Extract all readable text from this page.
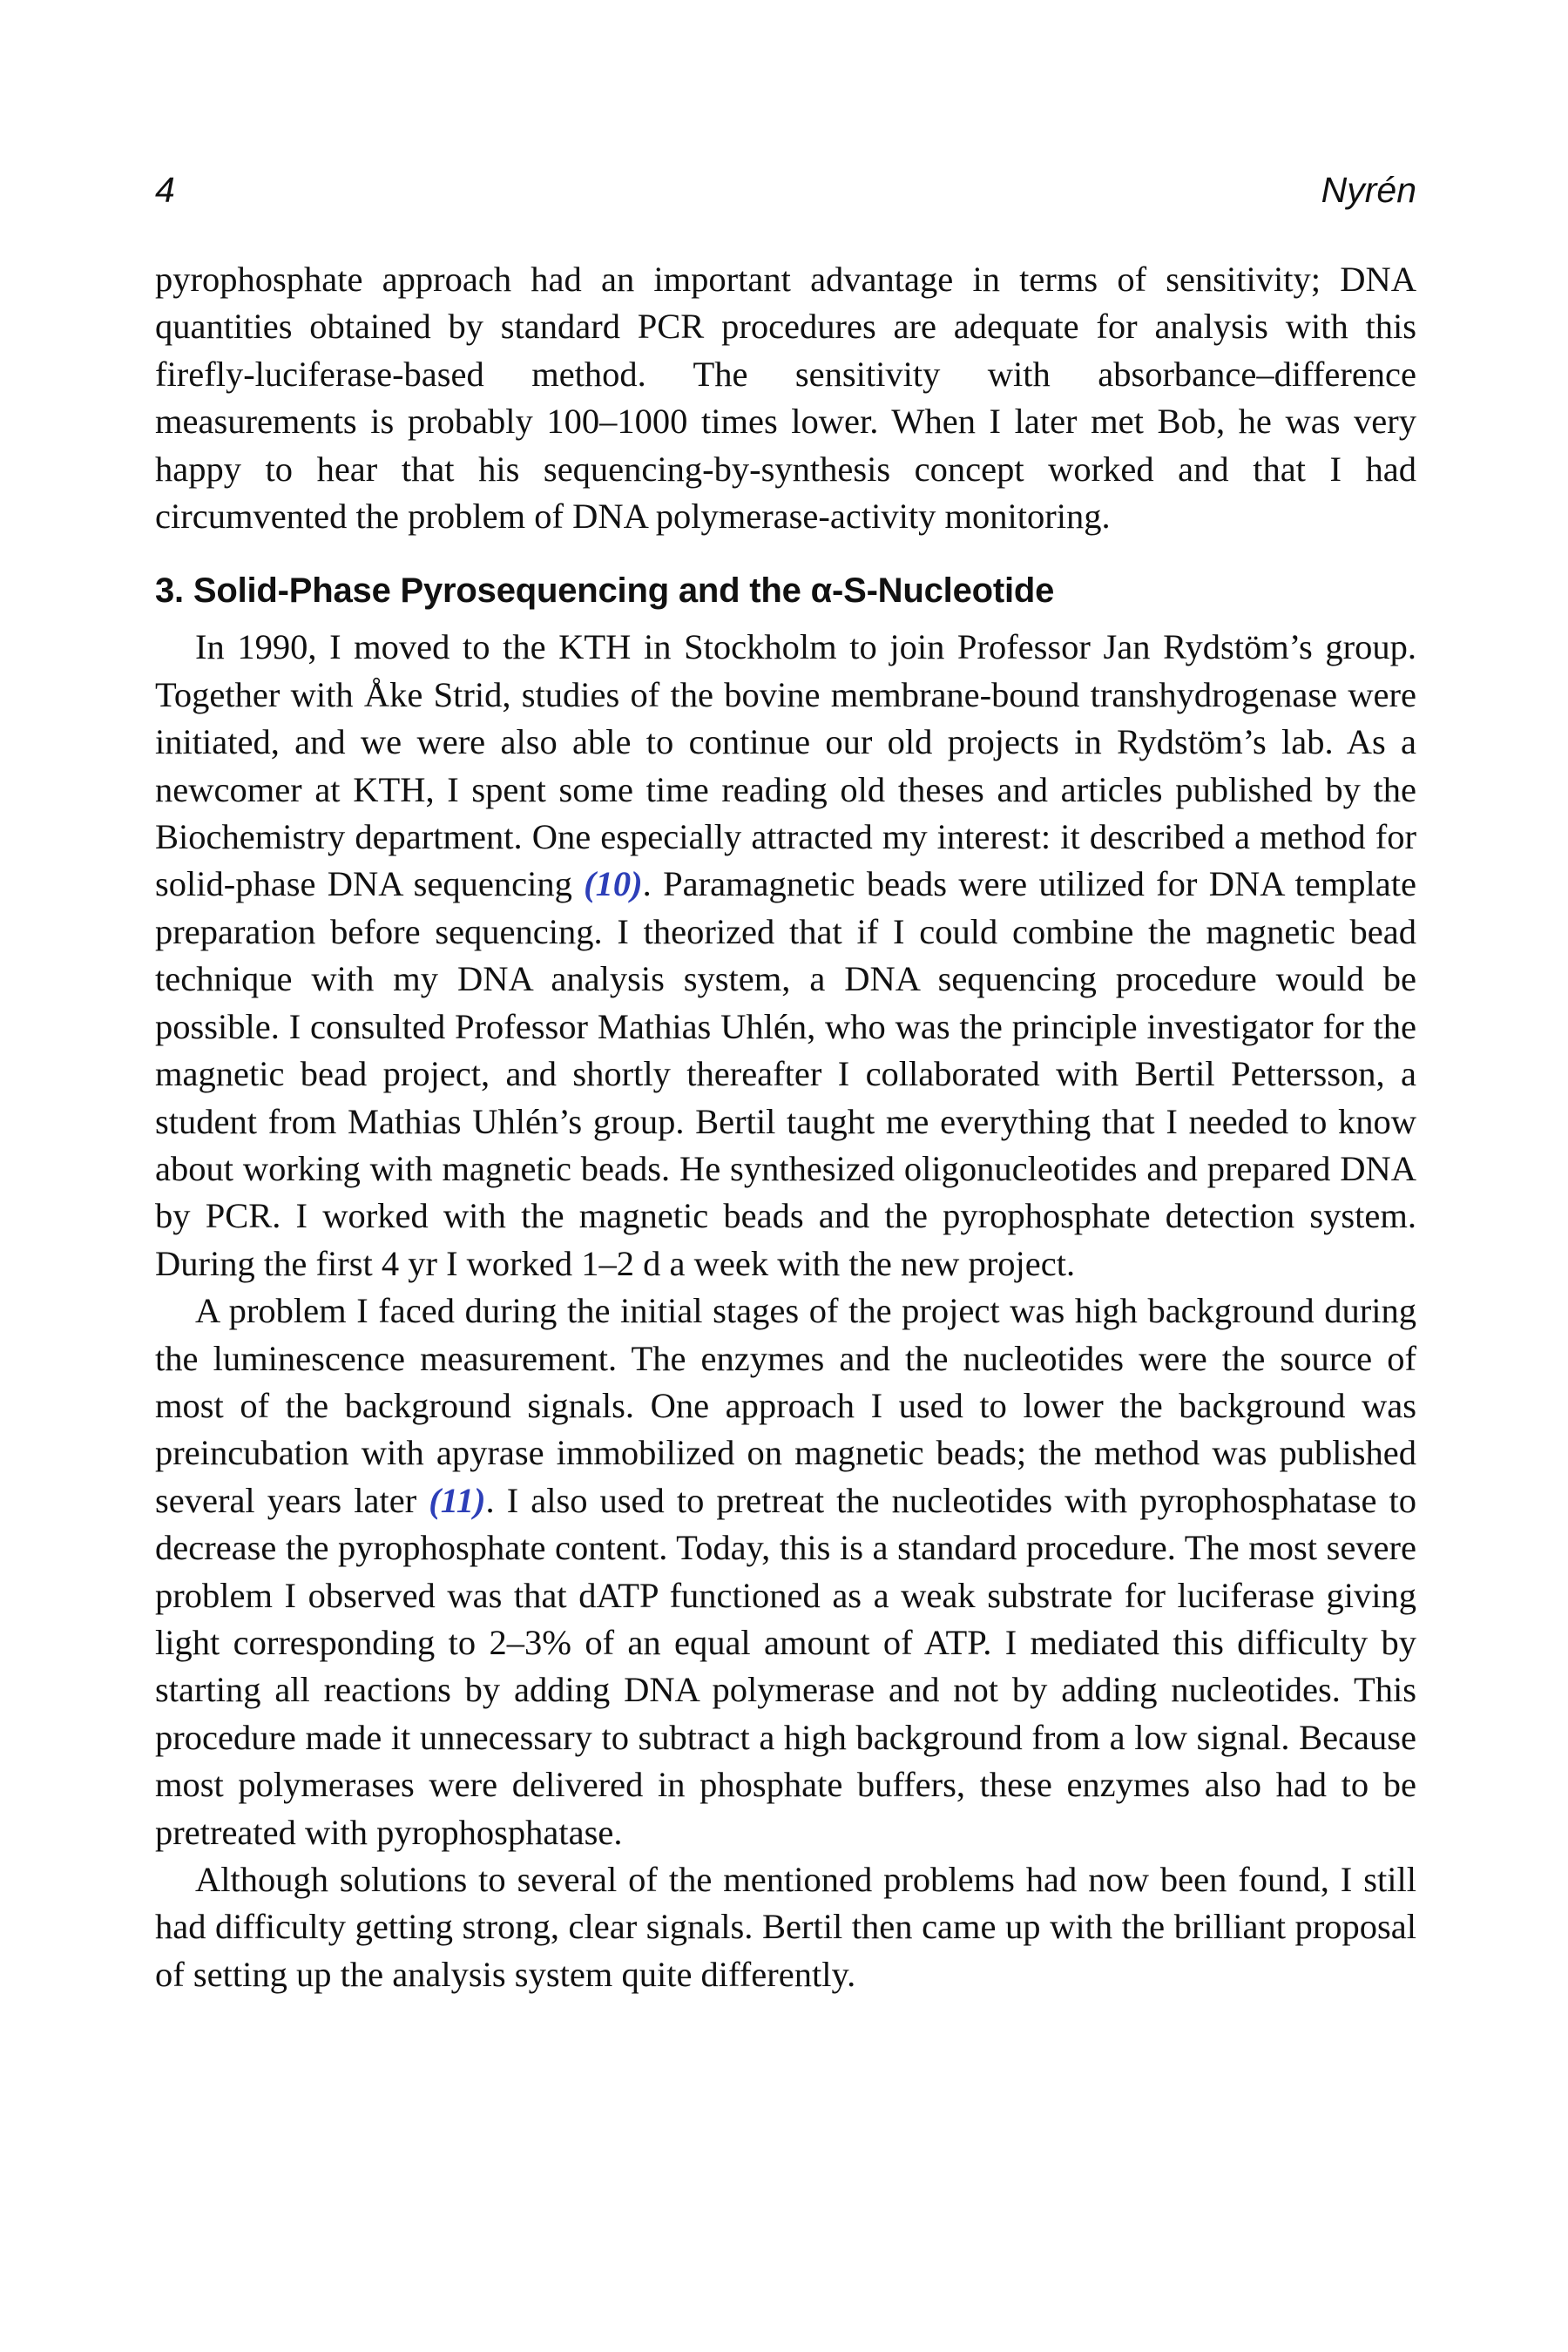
4	Nyrén

pyrophosphate approach had an important advantage in terms of sensitivity; DNA quantities obtained by standard PCR procedures are adequate for analysis with this firefly-luciferase-based method. The sensitivity with absorbance–difference measurements is probably 100–1000 times lower. When I later met Bob, he was very happy to hear that his sequencing-by-synthesis concept worked and that I had circumvented the problem of DNA polymerase-activity monitoring.

3. Solid-Phase Pyrosequencing and the α-S-Nucleotide

In 1990, I moved to the KTH in Stockholm to join Professor Jan Rydstöm’s group. Together with Åke Strid, studies of the bovine membrane-bound transhydrogenase were initiated, and we were also able to continue our old projects in Rydstöm’s lab. As a newcomer at KTH, I spent some time reading old theses and articles published by the Biochemistry department. One especially attracted my interest: it described a method for solid-phase DNA sequencing (10). Paramagnetic beads were utilized for DNA template preparation before sequencing. I theorized that if I could combine the magnetic bead technique with my DNA analysis system, a DNA sequencing procedure would be possible. I consulted Professor Mathias Uhlén, who was the principle investigator for the magnetic bead project, and shortly thereafter I collaborated with Bertil Pettersson, a student from Mathias Uhlén’s group. Bertil taught me everything that I needed to know about working with magnetic beads. He synthesized oligonucleotides and prepared DNA by PCR. I worked with the magnetic beads and the pyrophosphate detection system. During the first 4 yr I worked 1–2 d a week with the new project.

A problem I faced during the initial stages of the project was high background during the luminescence measurement. The enzymes and the nucleotides were the source of most of the background signals. One approach I used to lower the background was preincubation with apyrase immobilized on magnetic beads; the method was published several years later (11). I also used to pretreat the nucleotides with pyrophosphatase to decrease the pyrophosphate content. Today, this is a standard procedure. The most severe problem I observed was that dATP functioned as a weak substrate for luciferase giving light corresponding to 2–3% of an equal amount of ATP. I mediated this difficulty by starting all reactions by adding DNA polymerase and not by adding nucleotides. This procedure made it unnecessary to subtract a high background from a low signal. Because most polymerases were delivered in phosphate buffers, these enzymes also had to be pretreated with pyrophosphatase.

Although solutions to several of the mentioned problems had now been found, I still had difficulty getting strong, clear signals. Bertil then came up with the brilliant proposal of setting up the analysis system quite differently.
